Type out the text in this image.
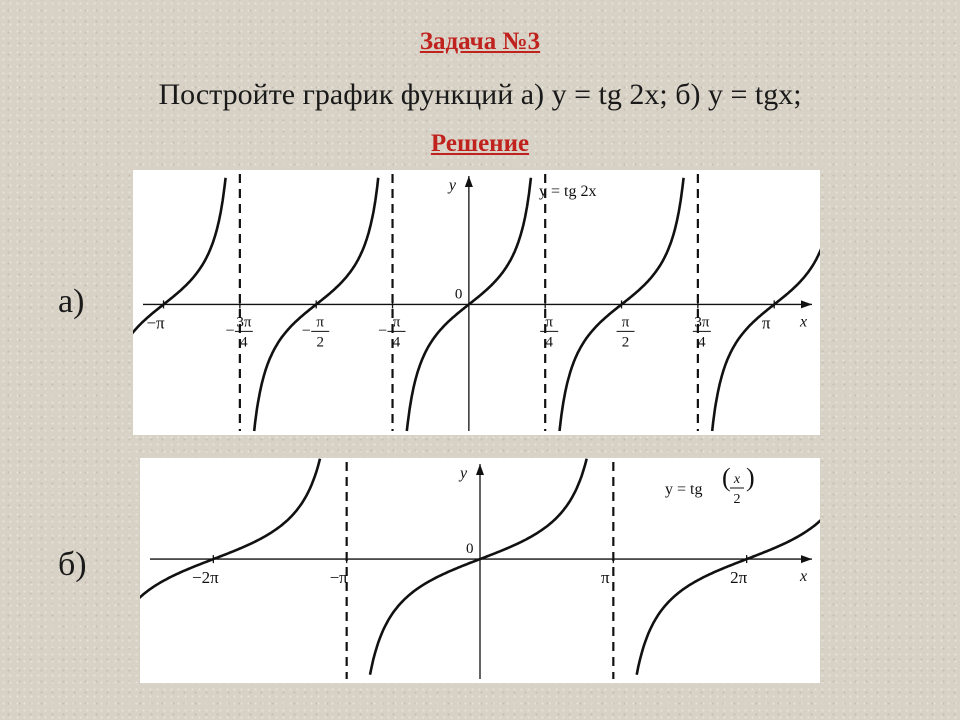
Задача №3
Постройте график функций а) у = tg 2x; б) у = tgx;
Решение
а)
б)
x
y
0
−π	− 3π
4
− π
2
− π
4
π
4
π
2
3π
4
π
y = tg 2x
x
y
0
−2π	−π	π	2π
y = tg ( x
2
)
